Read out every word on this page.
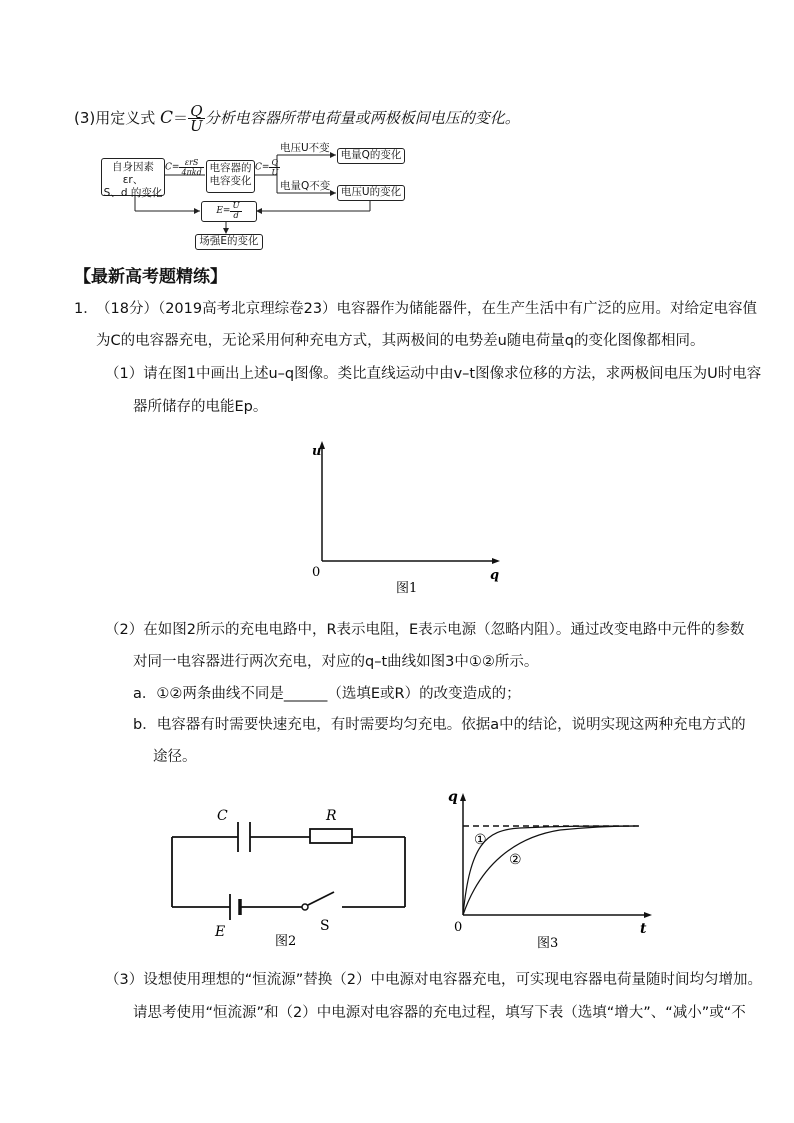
(3)用定义式 $C= \frac{Q}{U}$ 分析电容器所带电荷量或两极板间电压的变化。
自身因素εr、
S、d 的变化
$C= \frac{\text{εrS}}{\text{4πkd}}$ 电容器的
电容变化
$C= \frac{Q}{U}$
电压U不变
电量Q的变化
电量Q不变	电压U的变化
$E= \frac{U}{d}$
场强E的变化
【最新高考题精练】
1．
（18分）（2019高考北京理综卷23）电容器作为储能器件，在生产生活中有广泛的应用。对给定电容值
为C的电容器充电，无论采用何种充电方式，其两极间的电势差u随电荷量q的变化图像都相同。
（1）请在图1中画出上述u–q图像。类比直线运动中由v–t图像求位移的方法，求两极间电压为U时电容
器所储存的电能Ep。
u
q
0
图1
（2）在如图2所示的充电电路中，R表示电阻，E表示电源（忽略内阻）。通过改变电路中元件的参数
对同一电容器进行两次充电，对应的q–t曲线如图3中①②所示。
a．①②两条曲线不同是______（选填E或R）的改变造成的；
b．电容器有时需要快速充电，有时需要均匀充电。依据a中的结论，说明实现这两种充电方式的
途径。
C	R
E	S
图2
①
②
q
t
0
图3
（3）设想使用理想的“恒流源”替换（2）中电源对电容器充电，可实现电容器电荷量随时间均匀增加。
请思考使用“恒流源”和（2）中电源对电容器的充电过程，填写下表（选填“增大”、“减小”或“不
